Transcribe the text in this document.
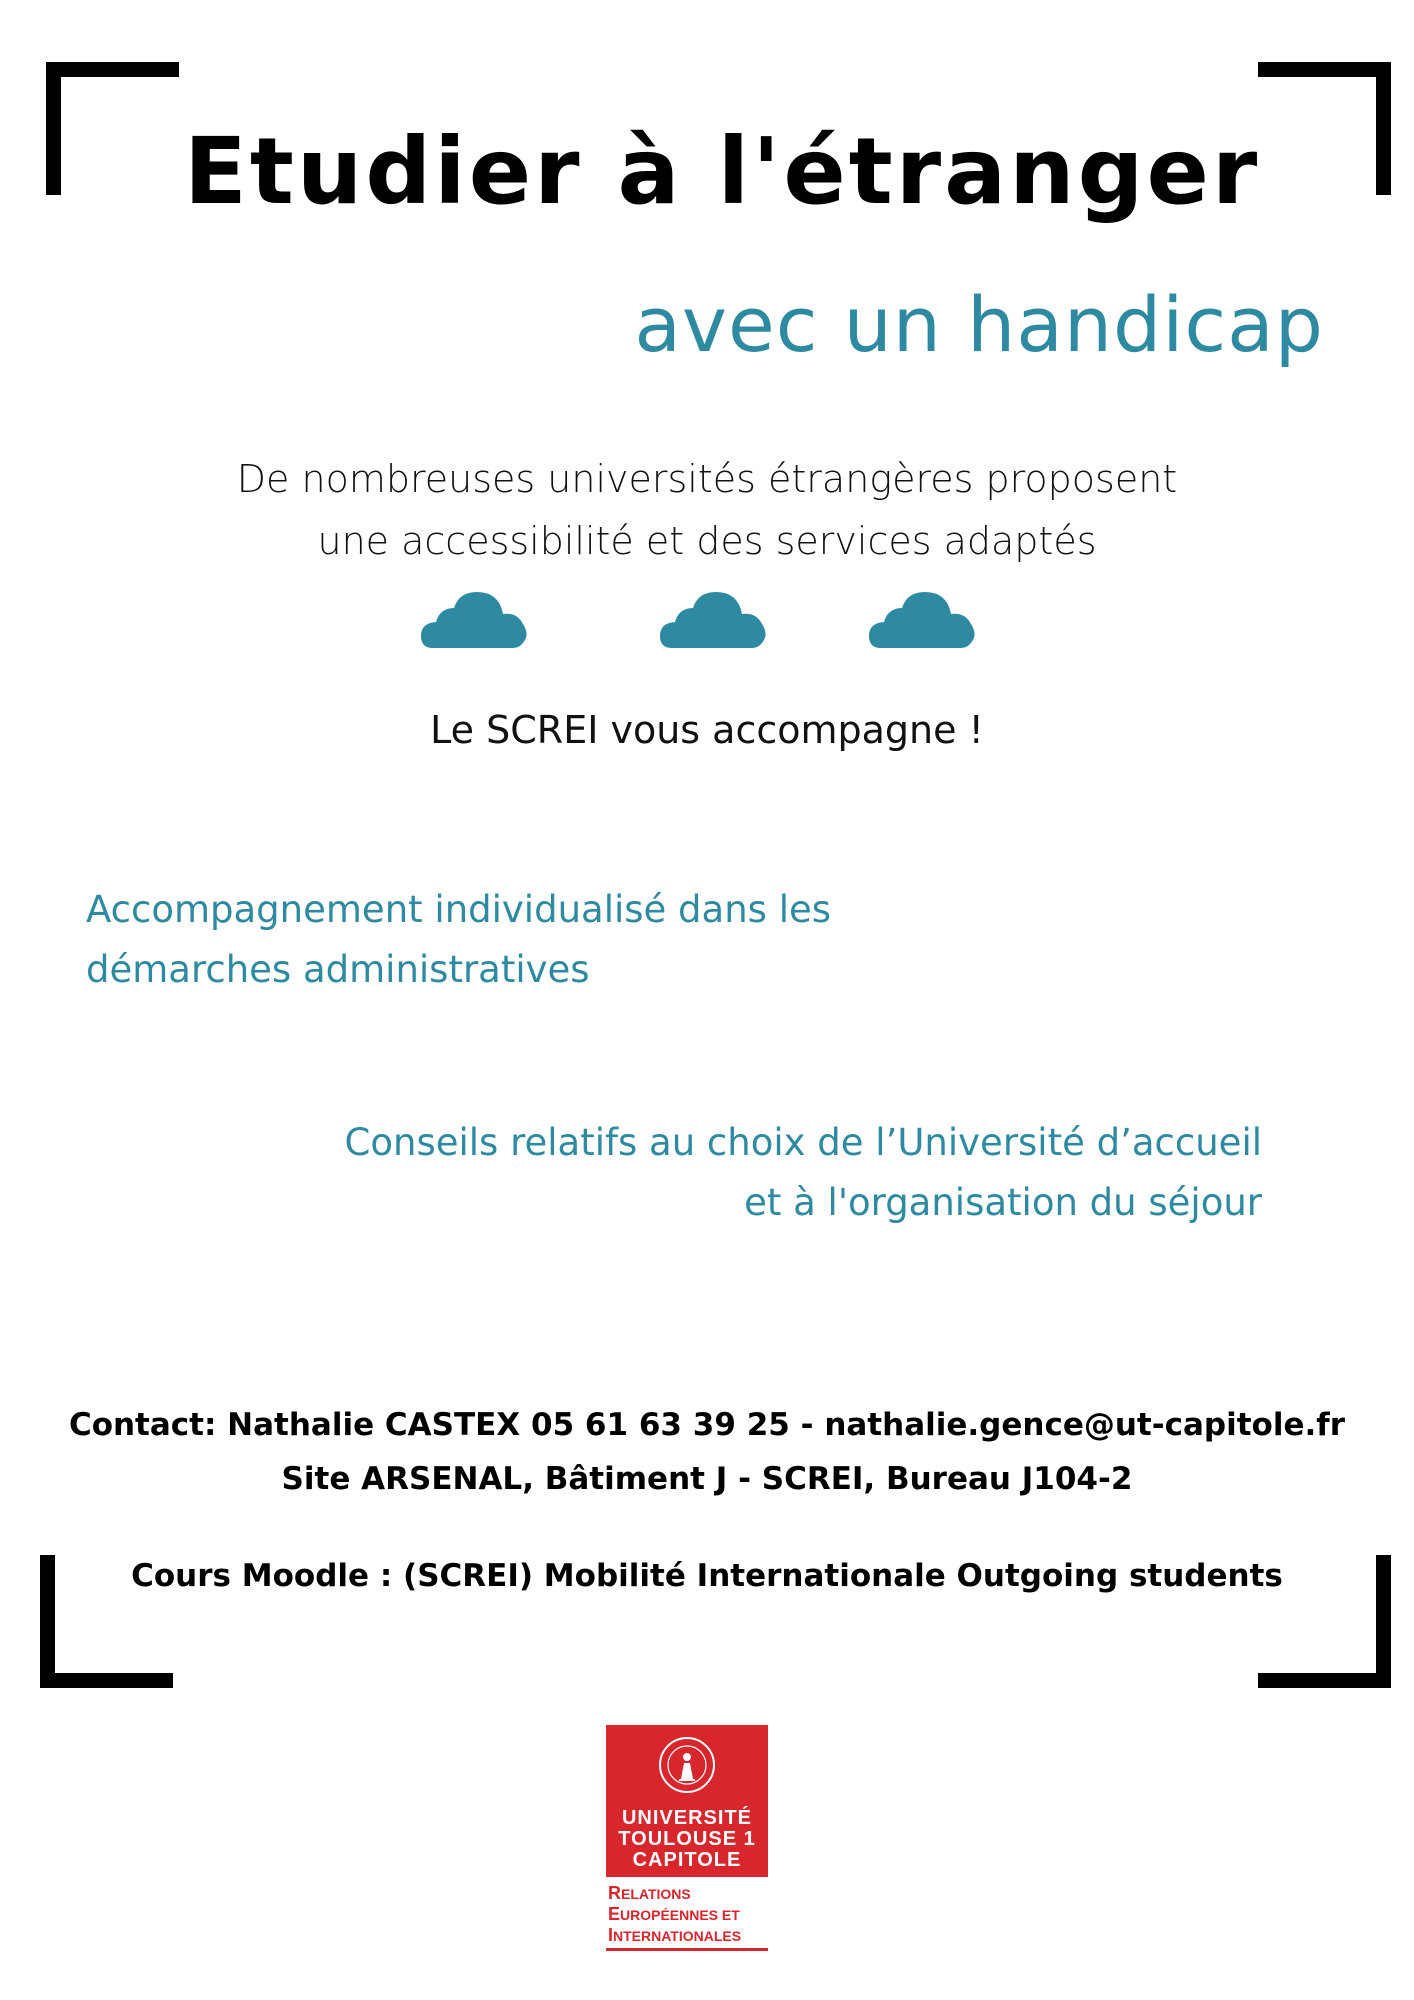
Etudier à l'étranger
avec un handicap
De nombreuses universités étrangères proposent
une accessibilité et des services adaptés
Le SCREI vous accompagne !
Accompagnement individualisé dans les
démarches administratives
Conseils relatifs au choix de l’Université d’accueil
et à l'organisation du séjour
Contact: Nathalie CASTEX 05 61 63 39 25 - nathalie.gence@ut-capitole.fr
Site ARSENAL, Bâtiment J - SCREI, Bureau J104-2
Cours Moodle : (SCREI) Mobilité Internationale Outgoing students
UNIVERSITÉ
TOULOUSE 1
CAPITOLE
RELATIONS
EUROPÉENNES ET
INTERNATIONALES
